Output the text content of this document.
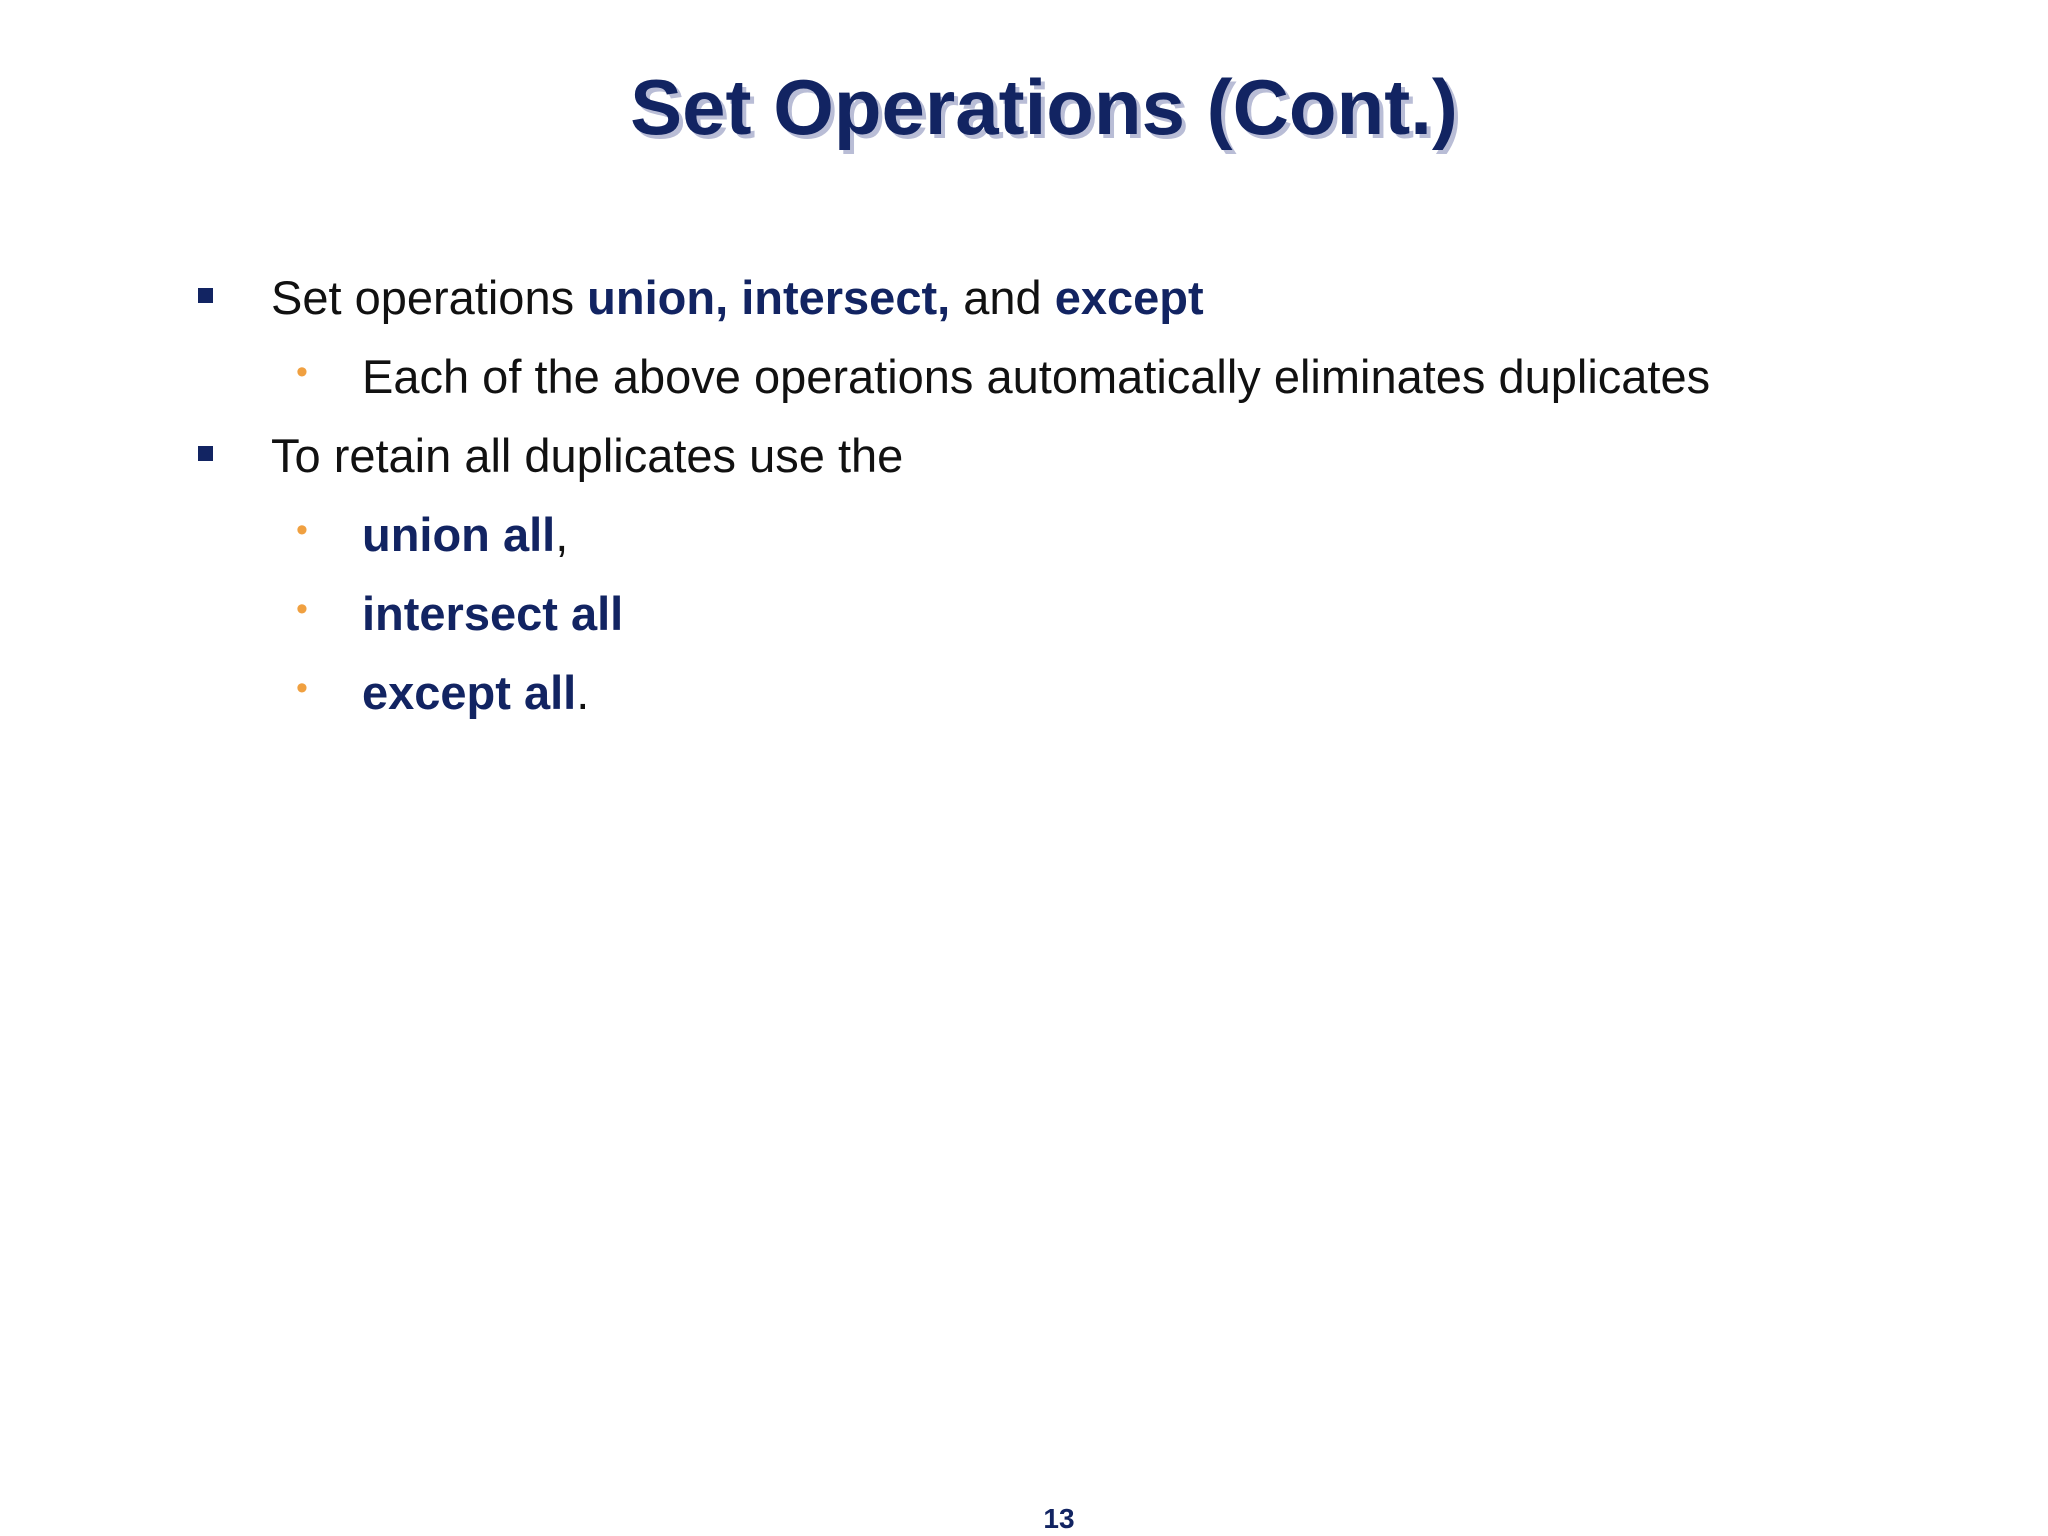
Set Operations (Cont.)
Set operations union, intersect, and except
• Each of the above operations automatically eliminates duplicates
To retain all duplicates use the
• union all,
• intersect all
• except all.
13
